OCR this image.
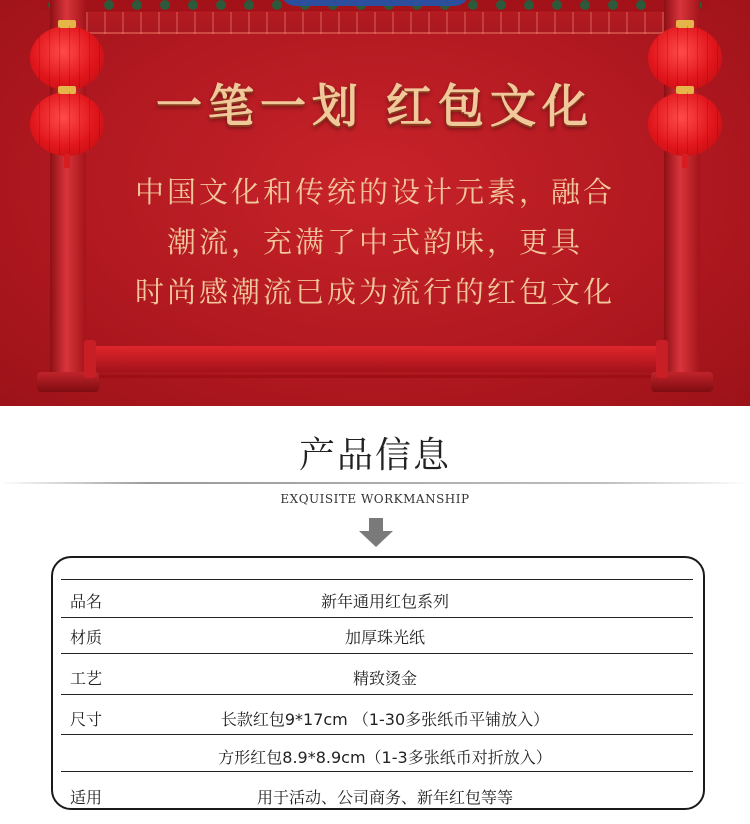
一笔一划 红包文化
中国文化和传统的设计元素，融合
潮流，充满了中式韵味，更具
时尚感潮流已成为流行的红包文化
产品信息
EXQUISITE WORKMANSHIP
品名	新年通用红包系列
材质	加厚珠光纸
工艺	精致烫金
尺寸	长款红包9*17cm （1-30多张纸币平铺放入）
方形红包8.9*8.9cm（1-3多张纸币对折放入）
适用	用于活动、公司商务、新年红包等等
